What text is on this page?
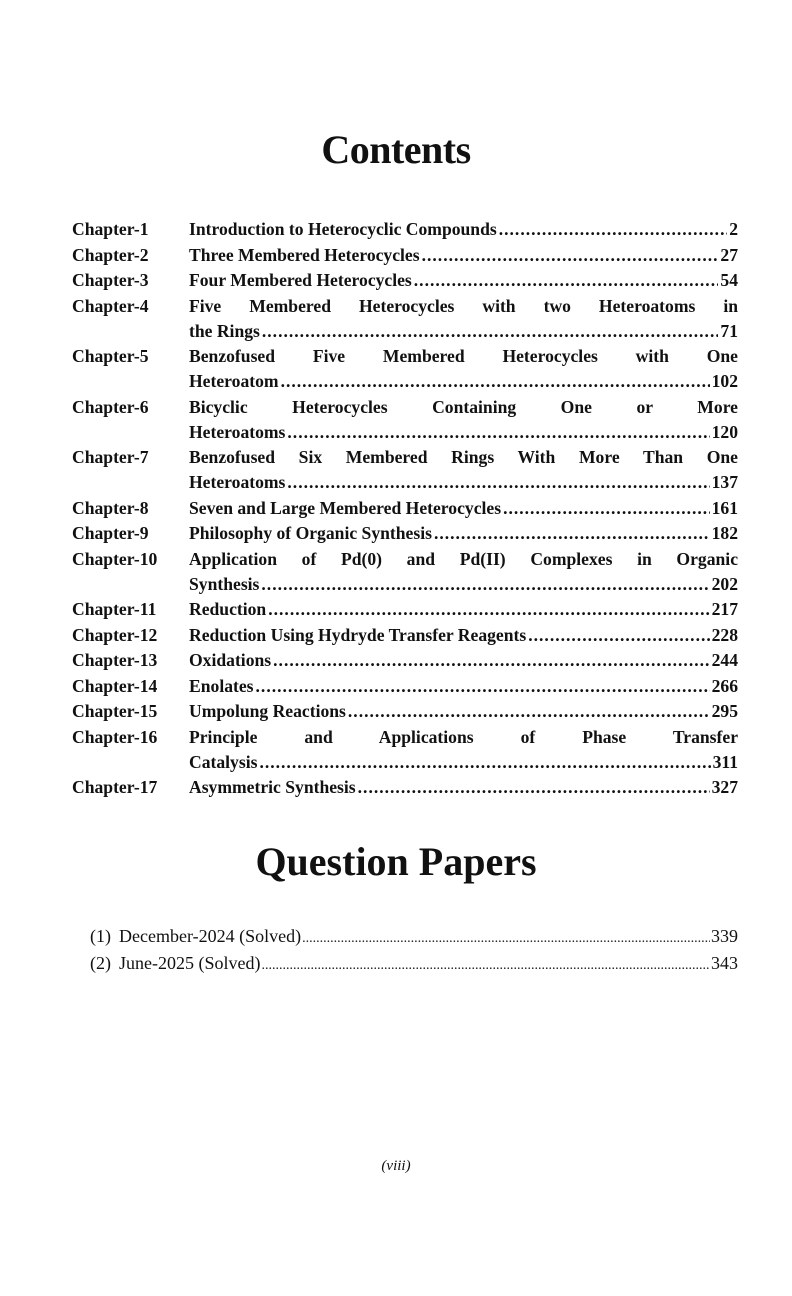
Contents
Chapter-1	Introduction to Heterocyclic Compounds .....	2
Chapter-2	Three Membered Heterocycles .....	27
Chapter-3	Four Membered Heterocycles .....	54
Chapter-4	Five Membered Heterocycles with two Heteroatoms in
the Rings .....	71
Chapter-5	Benzofused Five Membered Heterocycles with One
Heteroatom .....	102
Chapter-6	Bicyclic Heterocycles Containing One or More
Heteroatoms .....	120
Chapter-7	Benzofused Six Membered Rings With More Than One
Heteroatoms .....	137
Chapter-8	Seven and Large Membered Heterocycles .....	161
Chapter-9	Philosophy of Organic Synthesis .....	182
Chapter-10	Application of Pd(0) and Pd(II) Complexes in Organic
Synthesis .....	202
Chapter-11	Reduction .....	217
Chapter-12	Reduction Using Hydryde Transfer Reagents .....	228
Chapter-13	Oxidations .....	244
Chapter-14	Enolates .....	266
Chapter-15	Umpolung Reactions .....	295
Chapter-16	Principle and Applications of Phase Transfer
Catalysis .....	311
Chapter-17	Asymmetric Synthesis .....	327
Question Papers
(1) December-2024 (Solved) .....	339
(2) June-2025 (Solved) .....	343
(viii)
